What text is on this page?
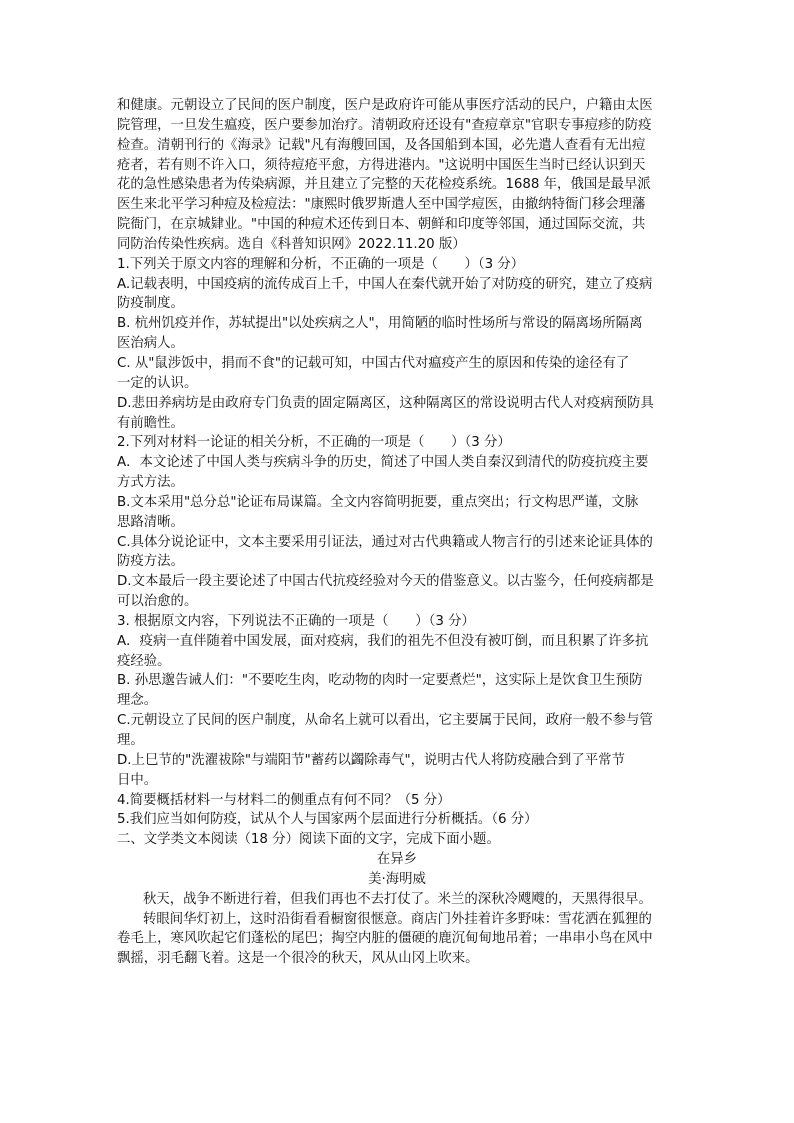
和健康。元朝设立了民间的医户制度，医户是政府许可能从事医疗活动的民户，户籍由太医
院管理，一旦发生瘟疫，医户要参加治疗。清朝政府还设有"查痘章京"官职专事痘疹的防疫
检查。清朝刊行的《海录》记载"凡有海艘回国，及各国船到本国，必先遣人查看有无出痘
疮者，若有则不许入口，须待痘疮平愈，方得进港内。"这说明中国医生当时已经认识到天
花的急性感染患者为传染病源，并且建立了完整的天花检疫系统。1688 年，俄国是最早派
医生来北平学习种痘及检痘法："康熙时俄罗斯遣人至中国学痘医，由撤纳特衙门移会理藩
院衙门，在京城肄业。"中国的种痘术还传到日本、朝鲜和印度等邻国，通过国际交流，共
同防治传染性疾病。选自《科普知识网》2022.11.20 版）
1.下列关于原文内容的理解和分析，不正确的一项是（　　）（3 分）
A.记载表明，中国疫病的流传成百上千，中国人在秦代就开始了对防疫的研究，建立了疫病
防疫制度。
B. 杭州饥疫并作，苏轼提出"以处疾病之人"，用简陋的临时性场所与常设的隔离场所隔离
医治病人。
C. 从"鼠涉饭中，捐而不食"的记载可知，中国古代对瘟疫产生的原因和传染的途径有了
一定的认识。
D.悲田养病坊是由政府专门负责的固定隔离区，这种隔离区的常设说明古代人对疫病预防具
有前瞻性。
2.下列对材料一论证的相关分析，不正确的一项是（　　）（3 分）
A．本文论述了中国人类与疾病斗争的历史，简述了中国人类自秦汉到清代的防疫抗疫主要
方式方法。
B.文本采用"总分总"论证布局谋篇。全文内容简明扼要，重点突出；行文构思严谨，文脉
思路清晰。
C.具体分说论证中，文本主要采用引证法，通过对古代典籍或人物言行的引述来论证具体的
防疫方法。
D.文本最后一段主要论述了中国古代抗疫经验对今天的借鉴意义。以古鉴今，任何疫病都是
可以治愈的。
3. 根据原文内容，下列说法不正确的一项是（　　）（3 分）
A．疫病一直伴随着中国发展，面对疫病，我们的祖先不但没有被叮倒，而且积累了许多抗
疫经验。
B. 孙思邈告诫人们："不要吃生肉，吃动物的肉时一定要煮烂"，这实际上是饮食卫生预防
理念。
C.元朝设立了民间的医户制度，从命名上就可以看出，它主要属于民间，政府一般不参与管
理。
D.上巳节的"洗濯祓除"与端阳节"蓄药以蠲除毒气"，说明古代人将防疫融合到了平常节
日中。
4.简要概括材料一与材料二的侧重点有何不同？（5 分）
5.我们应当如何防疫，试从个人与国家两个层面进行分析概括。（6 分）
二、文学类文本阅读（18 分）阅读下面的文字，完成下面小题。
在异乡
美·海明威
秋天，战争不断进行着，但我们再也不去打仗了。米兰的深秋冷飕飕的，天黑得很早。
转眼间华灯初上，这时沿街看看橱窗很惬意。商店门外挂着许多野味：雪花洒在狐狸的
卷毛上，寒风吹起它们蓬松的尾巴；掏空内脏的僵硬的鹿沉甸甸地吊着；一串串小鸟在风中
飘摇，羽毛翻飞着。这是一个很冷的秋天，风从山冈上吹来。
